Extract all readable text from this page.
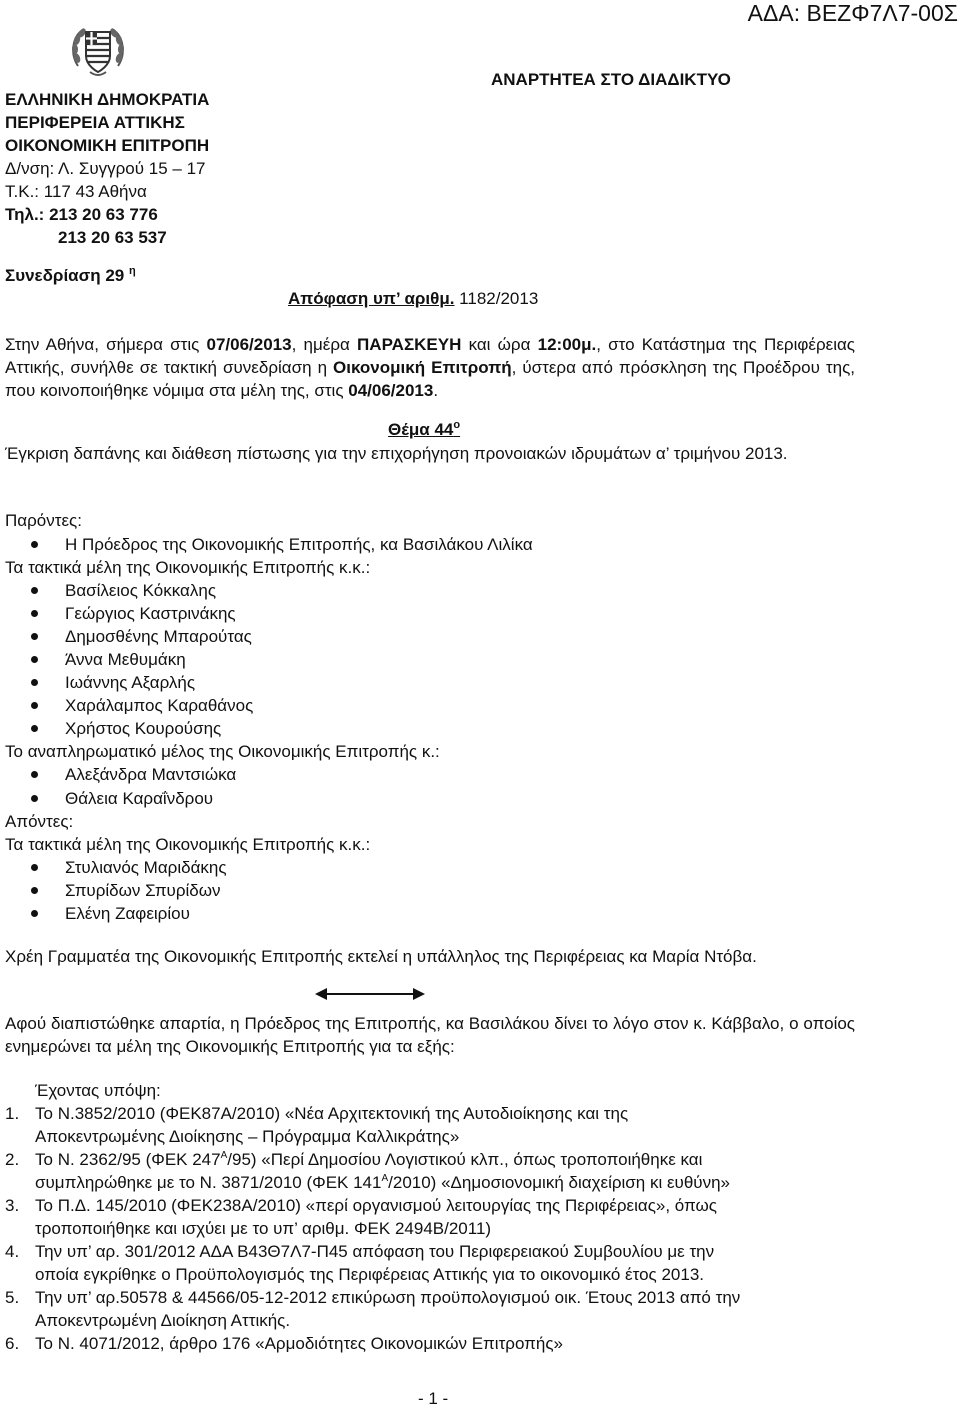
ΑΔΑ: ΒΕΖΦ7Λ7-00Σ
ΕΛΛΗΝΙΚΗ ΔΗΜΟΚΡΑΤΙΑ
ΠΕΡΙΦΕΡΕΙΑ ΑΤΤΙΚΗΣ
ΟΙΚΟΝΟΜΙΚΗ ΕΠΙΤΡΟΠΗ
Δ/νση: Λ. Συγγρού 15 – 17
Τ.Κ.: 117 43 Αθήνα
Τηλ.: 213 20 63 776
213 20 63 537
ΑΝΑΡΤΗΤΕΑ ΣΤΟ ΔΙΑΔΙΚΤΥΟ
Συνεδρίαση 29 $^\eta$
Απόφαση υπ’ αριθμ. 1182/2013
Στην Αθήνα, σήμερα στις 07/06/2013, ημέρα ΠΑΡΑΣΚΕΥΗ και ώρα 12:00μ., στο Κατάστημα της Περιφέρειας Αττικής, συνήλθε σε τακτική συνεδρίαση η Οικονομική Επιτροπή, ύστερα από πρόσκληση της Προέδρου της, που κοινοποιήθηκε νόμιμα στα μέλη της, στις 04/06/2013.
Θέμα $44^o$
Έγκριση δαπάνης και διάθεση πίστωσης για την επιχορήγηση προνοιακών ιδρυμάτων α’ τριμήνου 2013.
Παρόντες:
Η Πρόεδρος της Οικονομικής Επιτροπής, κα Βασιλάκου Λιλίκα
Τα τακτικά μέλη της Οικονομικής Επιτροπής κ.κ.:
Βασίλειος Κόκκαλης
Γεώργιος Καστρινάκης
Δημοσθένης Μπαρούτας
Άννα Μεθυμάκη
Ιωάννης Αξαρλής
Χαράλαμπος Καραθάνος
Χρήστος Κουρούσης
Το αναπληρωματικό μέλος της Οικονομικής Επιτροπής κ.:
Αλεξάνδρα Μαντσιώκα
Θάλεια Καραΐνδρου
Απόντες:
Τα τακτικά μέλη της Οικονομικής Επιτροπής κ.κ.:
Στυλιανός Μαριδάκης
Σπυρίδων Σπυρίδων
Ελένη Ζαφειρίου
Χρέη Γραμματέα της Οικονομικής Επιτροπής εκτελεί η υπάλληλος της Περιφέρειας κα Μαρία Ντόβα.
Αφού διαπιστώθηκε απαρτία, η Πρόεδρος της Επιτροπής, κα Βασιλάκου δίνει το λόγο στον κ. Κάββαλο, ο οποίος ενημερώνει τα μέλη της Οικονομικής Επιτροπής για τα εξής:
Έχοντας υπόψη:
1. Το Ν.3852/2010 (ΦΕΚ87Α/2010) «Νέα Αρχιτεκτονική της Αυτοδιοίκησης και της
Αποκεντρωμένης Διοίκησης – Πρόγραμμα Καλλικράτης»
2. Το Ν. 2362/95 (ΦΕΚ $247^A/95$) «Περί Δημοσίου Λογιστικού κλπ., όπως τροποποιήθηκε και
συμπληρώθηκε με το Ν. 3871/2010 (ΦΕΚ $141^A/2010$) «Δημοσιονομική διαχείριση κι ευθύνη»
3. Το Π.Δ. 145/2010 (ΦΕΚ238Α/2010) «περί οργανισμού λειτουργίας της Περιφέρειας», όπως
τροποποιήθηκε και ισχύει με το υπ’ αριθμ. ΦΕΚ 2494Β/2011)
4. Την υπ’ αρ. 301/2012 ΑΔΑ Β43Θ7Λ7-Π45 απόφαση του Περιφερειακού Συμβουλίου με την
οποία εγκρίθηκε ο Προϋπολογισμός της Περιφέρειας Αττικής για το οικονομικό έτος 2013.
5. Την υπ’ αρ.50578 & 44566/05-12-2012 επικύρωση προϋπολογισμού οικ. Έτους 2013 από την
Αποκεντρωμένη Διοίκηση Αττικής.
6. Το Ν. 4071/2012, άρθρο 176 «Αρμοδιότητες Οικονομικών Επιτροπής»
- 1 -
